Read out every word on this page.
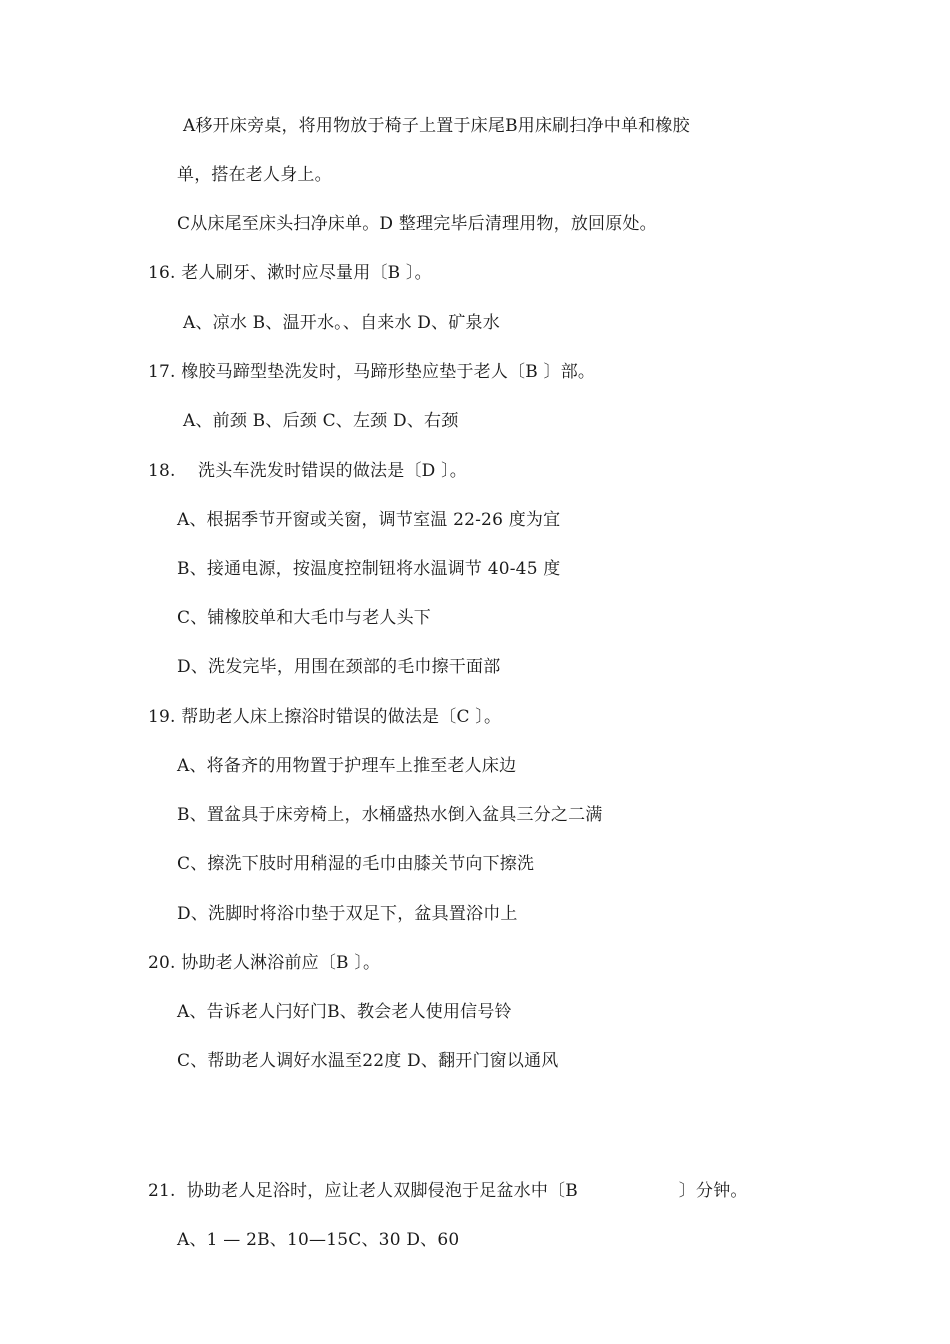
A移开床旁桌，将用物放于椅子上置于床尾B用床刷扫净中单和橡胶
单，搭在老人身上。
C从床尾至床头扫净床单。D 整理完毕后清理用物，放回原处。
16. 老人刷牙、漱时应尽量用〔B 〕。
A、凉水 B、温开水。、自来水 D、矿泉水
17. 橡胶马蹄型垫洗发时，马蹄形垫应垫于老人〔B 〕部。
A、前颈 B、后颈 C、左颈 D、右颈
18.    洗头车洗发时错误的做法是〔D 〕。
A、根据季节开窗或关窗，调节室温 22-26 度为宜
B、接通电源，按温度控制钮将水温调节 40-45 度
C、铺橡胶单和大毛巾与老人头下
D、洗发完毕，用围在颈部的毛巾擦干面部
19. 帮助老人床上擦浴时错误的做法是〔C 〕。
A、将备齐的用物置于护理车上推至老人床边
B、置盆具于床旁椅上，水桶盛热水倒入盆具三分之二满
C、擦洗下肢时用稍湿的毛巾由膝关节向下擦洗
D、洗脚时将浴巾垫于双足下，盆具置浴巾上
20. 协助老人淋浴前应〔B 〕。
A、告诉老人闩好门B、教会老人使用信号铃
C、帮助老人调好水温至22度 D、翻开门窗以通风
21.  协助老人足浴时，应让老人双脚侵泡于足盆水中〔B                  〕分钟。
A、1 — 2B、10—15C、30 D、60
